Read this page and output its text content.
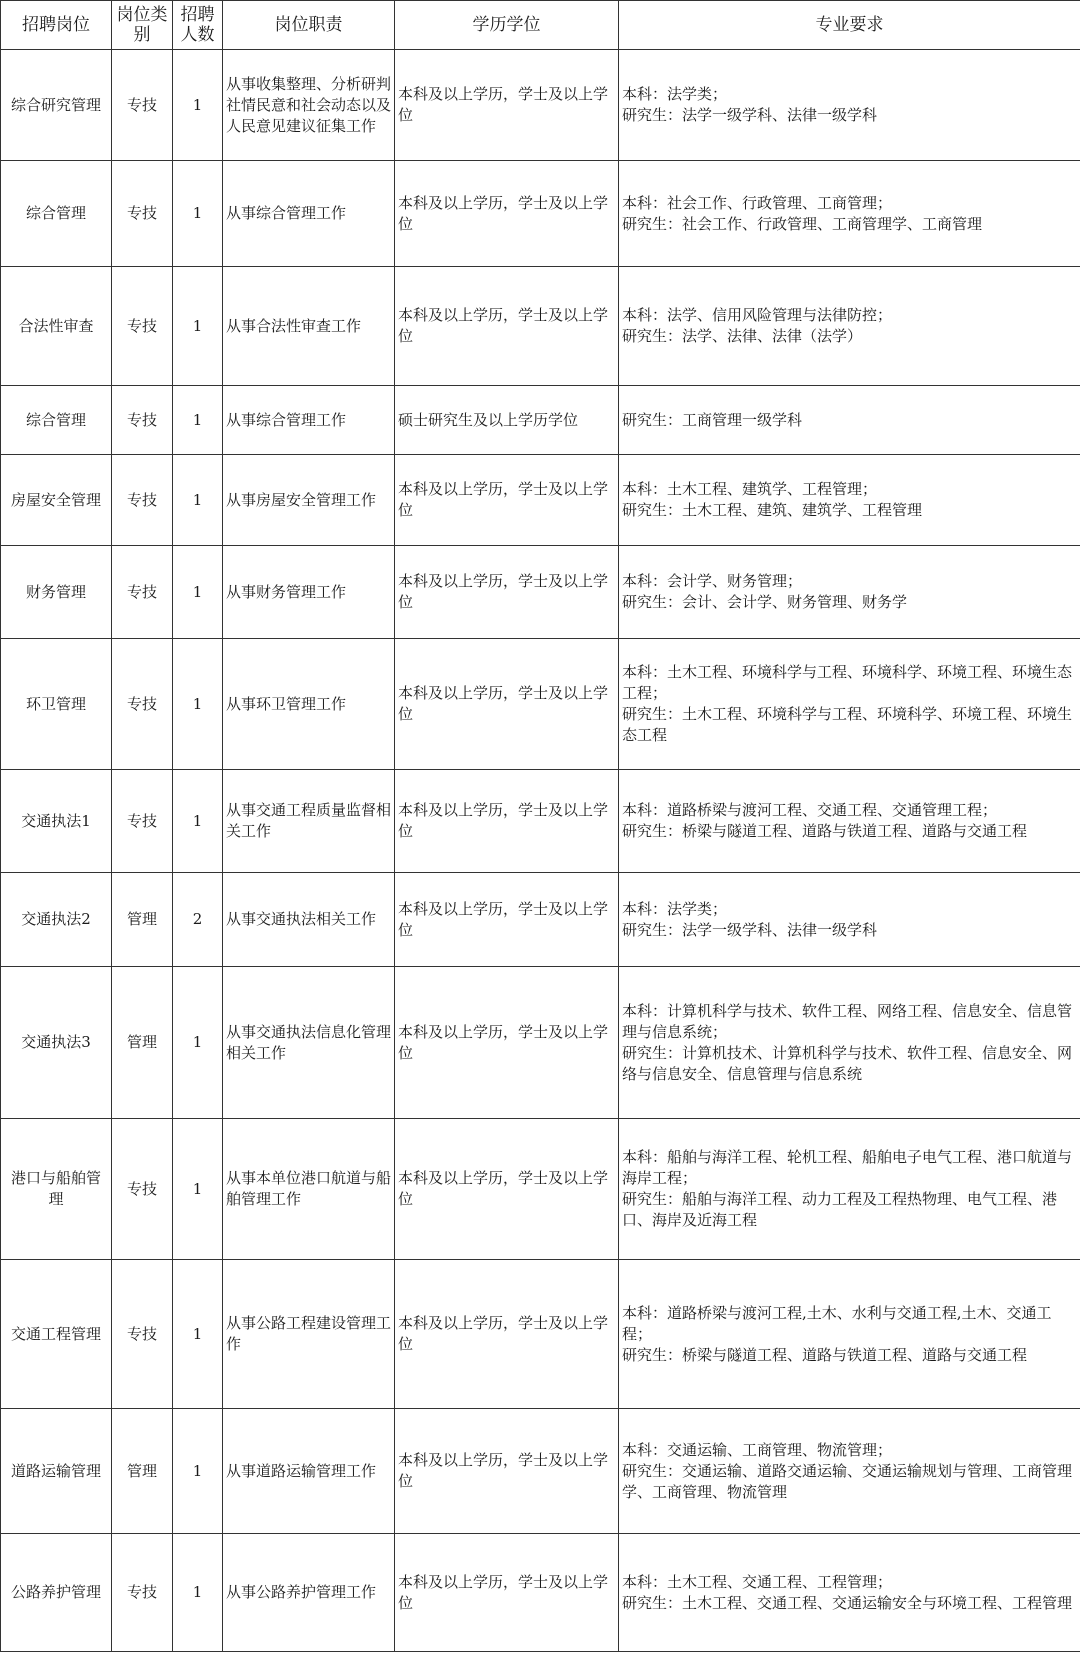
招聘岗位	岗位类别	招聘人数	岗位职责	学历学位	专业要求
综合研究管理	专技	1	从事收集整理、分析研判社情民意和社会动态以及人民意见建议征集工作	本科及以上学历，学士及以上学位	本科：法学类；
研究生：法学一级学科、法律一级学科
综合管理	专技	1	从事综合管理工作	本科及以上学历，学士及以上学位	本科：社会工作、行政管理、工商管理；
研究生：社会工作、行政管理、工商管理学、工商管理
合法性审查	专技	1	从事合法性审查工作	本科及以上学历，学士及以上学位	本科：法学、信用风险管理与法律防控；
研究生：法学、法律、法律（法学）
综合管理	专技	1	从事综合管理工作	硕士研究生及以上学历学位	研究生：工商管理一级学科
房屋安全管理	专技	1	从事房屋安全管理工作	本科及以上学历，学士及以上学位	本科：土木工程、建筑学、工程管理；
研究生：土木工程、建筑、建筑学、工程管理
财务管理	专技	1	从事财务管理工作	本科及以上学历，学士及以上学位	本科：会计学、财务管理；
研究生：会计、会计学、财务管理、财务学
环卫管理	专技	1	从事环卫管理工作	本科及以上学历，学士及以上学位	本科：土木工程、环境科学与工程、环境科学、环境工程、环境生态工程；
研究生：土木工程、环境科学与工程、环境科学、环境工程、环境生态工程
交通执法1	专技	1	从事交通工程质量监督相关工作	本科及以上学历，学士及以上学位	本科：道路桥梁与渡河工程、交通工程、交通管理工程；
研究生：桥梁与隧道工程、道路与铁道工程、道路与交通工程
交通执法2	管理	2	从事交通执法相关工作	本科及以上学历，学士及以上学位	本科：法学类；
研究生：法学一级学科、法律一级学科
交通执法3	管理	1	从事交通执法信息化管理相关工作	本科及以上学历，学士及以上学位	本科：计算机科学与技术、软件工程、网络工程、信息安全、信息管理与信息系统；
研究生：计算机技术、计算机科学与技术、软件工程、信息安全、网络与信息安全、信息管理与信息系统
港口与船舶管理	专技	1	从事本单位港口航道与船舶管理工作	本科及以上学历，学士及以上学位	本科：船舶与海洋工程、轮机工程、船舶电子电气工程、港口航道与海岸工程；
研究生：船舶与海洋工程、动力工程及工程热物理、电气工程、港口、海岸及近海工程
交通工程管理	专技	1	从事公路工程建设管理工作	本科及以上学历，学士及以上学位	本科：道路桥梁与渡河工程,土木、水利与交通工程,土木、交通工程；
研究生：桥梁与隧道工程、道路与铁道工程、道路与交通工程
道路运输管理	管理	1	从事道路运输管理工作	本科及以上学历，学士及以上学位	本科：交通运输、工商管理、物流管理；
研究生：交通运输、道路交通运输、交通运输规划与管理、工商管理学、工商管理、物流管理
公路养护管理	专技	1	从事公路养护管理工作	本科及以上学历，学士及以上学位	本科：土木工程、交通工程、工程管理；
研究生：土木工程、交通工程、交通运输安全与环境工程、工程管理
